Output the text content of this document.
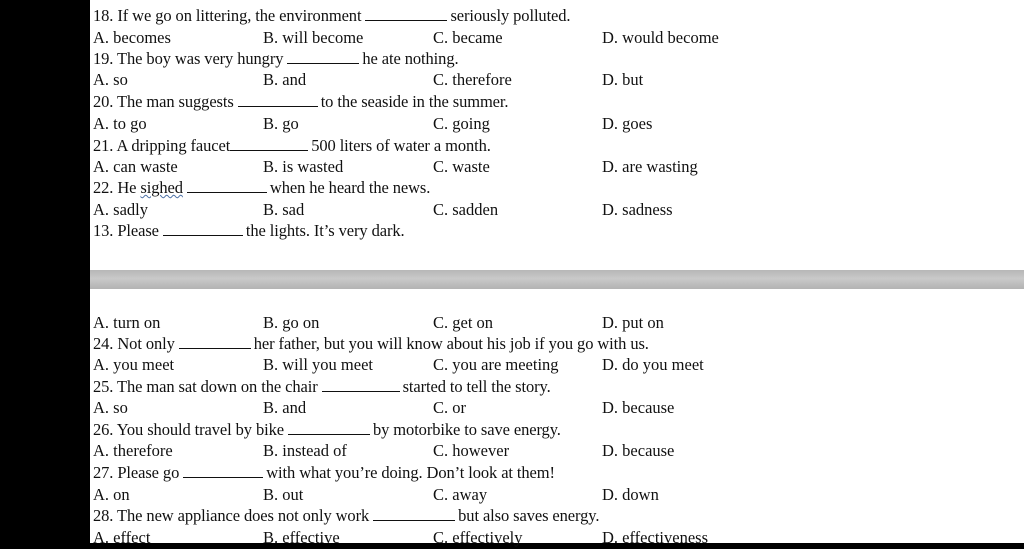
18. If we go on littering, the environment	seriously polluted.
A. becomes	B. will become	C. became	D. would become
19. The boy was very hungry	he ate nothing.
A. so	B. and	C. therefore	D. but
20. The man suggests	to the seaside in the summer.
A. to go	B. go	C. going	D. goes
21. A dripping faucet	500 liters of water a month.
A. can waste	B. is wasted	C. waste	D. are wasting
22. He sighed	when he heard the news.
A. sadly	B. sad	C. sadden	D. sadness
13. Please	the lights. It’s very dark.
A. turn on	B. go on	C. get on	D. put on
24. Not only	her father, but you will know about his job if you go with us.
A. you meet	B. will you meet	C. you are meeting	D. do you meet
25. The man sat down on the chair	started to tell the story.
A. so	B. and	C. or	D. because
26. You should travel by bike	by motorbike to save energy.
A. therefore	B. instead of	C. however	D. because
27. Please go	with what you’re doing. Don’t look at them!
A. on	B. out	C. away	D. down
28. The new appliance does not only work	but also saves energy.
A. effect	B. effective	C. effectively	D. effectiveness
